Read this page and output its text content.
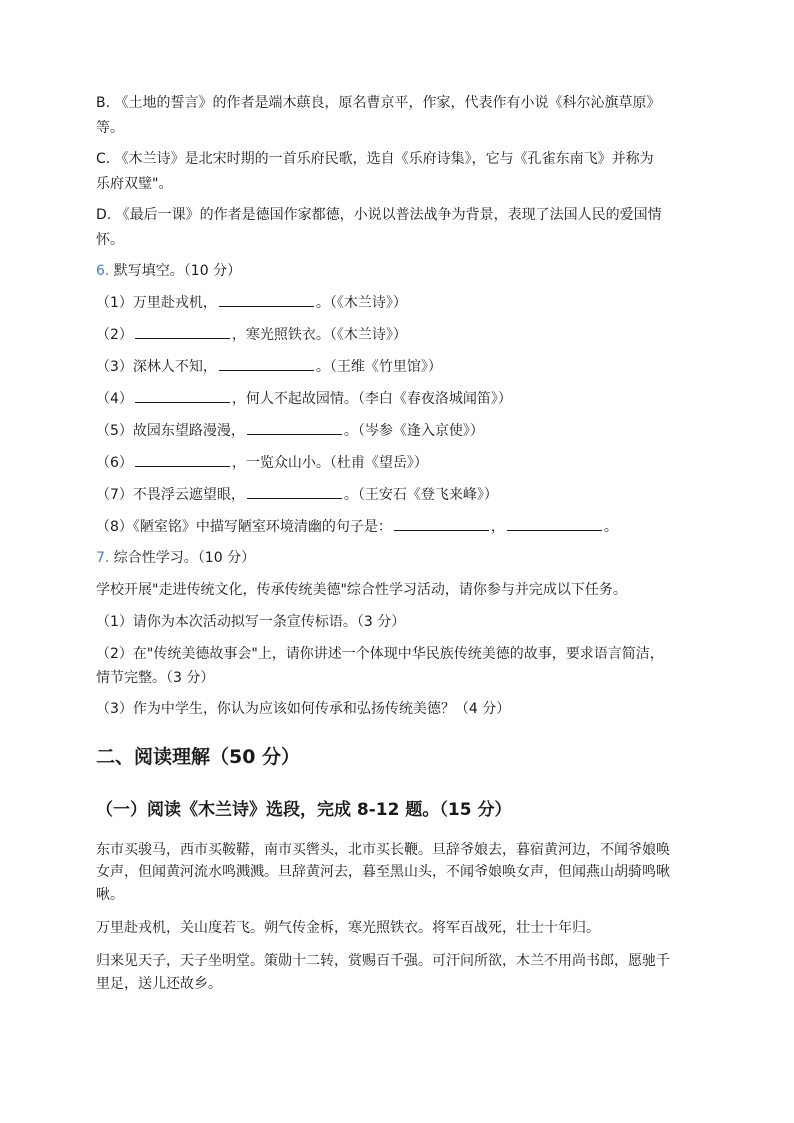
B. 《土地的誓言》的作者是端木蕻良，原名曹京平，作家，代表作有小说《科尔沁旗草原》
等。
C. 《木兰诗》是北宋时期的一首乐府民歌，选自《乐府诗集》，它与《孔雀东南飞》并称为
乐府双璧"。
D. 《最后一课》的作者是德国作家都德，小说以普法战争为背景，表现了法国人民的爱国情
怀。
6. 默写填空。（10 分）
（1）万里赴戎机，	。（《木兰诗》）
（2）	，寒光照铁衣。（《木兰诗》）
（3）深林人不知，	。（王维《竹里馆》）
（4）	，何人不起故园情。（李白《春夜洛城闻笛》）
（5）故园东望路漫漫，	。（岑参《逢入京使》）
（6）	，一览众山小。（杜甫《望岳》）
（7）不畏浮云遮望眼，	。（王安石《登飞来峰》）
（8）《陋室铭》中描写陋室环境清幽的句子是：	，	。
7. 综合性学习。（10 分）
学校开展"走进传统文化，传承传统美德"综合性学习活动，请你参与并完成以下任务。
（1）请你为本次活动拟写一条宣传标语。（3 分）
（2）在"传统美德故事会"上，请你讲述一个体现中华民族传统美德的故事，要求语言简洁，
情节完整。（3 分）
（3）作为中学生，你认为应该如何传承和弘扬传统美德？（4 分）
二、阅读理解（50 分）
（一）阅读《木兰诗》选段，完成 8-12 题。（15 分）
东市买骏马，西市买鞍鞯，南市买辔头，北市买长鞭。旦辞爷娘去，暮宿黄河边，不闻爷娘唤
女声，但闻黄河流水鸣溅溅。旦辞黄河去，暮至黑山头，不闻爷娘唤女声，但闻燕山胡骑鸣啾
啾。
万里赴戎机，关山度若飞。朔气传金柝，寒光照铁衣。将军百战死，壮士十年归。
归来见天子，天子坐明堂。策勋十二转，赏赐百千强。可汗问所欲，木兰不用尚书郎，愿驰千
里足，送儿还故乡。
